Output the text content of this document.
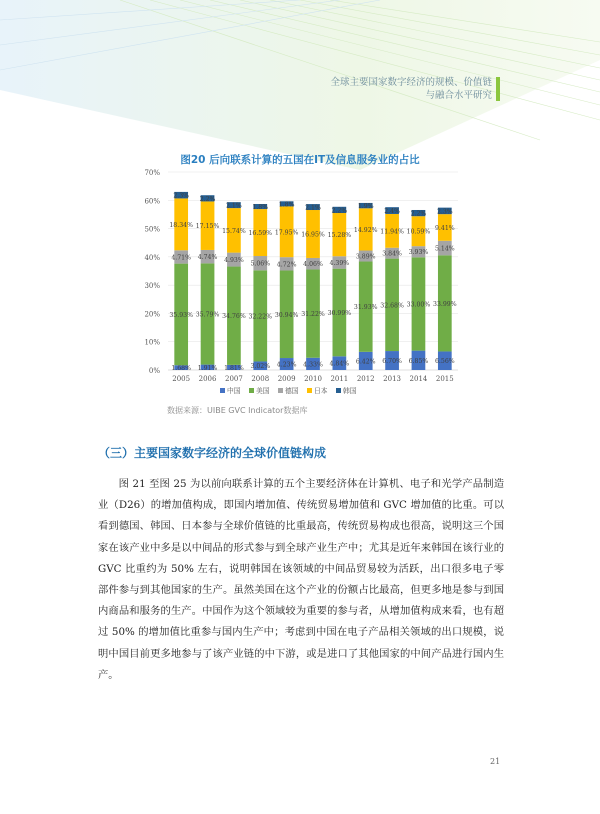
全球主要国家数字经济的规模、价值链
与融合水平研究
图20 后向联系计算的五国在IT及信息服务业的占比
0%
10%
20%
30%
40%
50%
60%
70%
1.68%
35.93%
4.71%
18.34%
2.3%
2005
1.91%
35.79%
4.74%
17.15%
2.2%
2006
1.81%
34.76%
4.93%
15.74%
2.1%
2007
3.02%
32.22%
5.06%
16.59%
1.8%
2008
4.23%
30.94%
4.72%
17.95%
1.8%
2009
4.33%
31.22%
4.06%
16.95%
2.1%
2010
4.84%
30.99%
4.39%
15.28%
2.2%
2011
6.42%
31.93%
3.89%
14.92%
1.9%
2012
6.70%
32.68%
3.84%
11.94%
2.4%
2013
6.85%
33.00%
3.93%
10.59%
2.2%
2014
6.56%
33.99%
5.14%
9.41%
2.3%
2015
中国 美国 德国 日本 韩国
数据来源：UIBE GVC Indicator数据库
（三）主要国家数字经济的全球价值链构成

图 21 至图 25 为以前向联系计算的五个主要经济体在计算机、电子和光学产品制造业（D26）的增加值构成，即国内增加值、传统贸易增加值和 GVC 增加值的比重。可以看到德国、韩国、日本参与全球价值链的比重最高，传统贸易构成也很高，说明这三个国家在该产业中多是以中间品的形式参与到全球产业生产中；尤其是近年来韩国在该行业的 GVC 比重约为 50% 左右，说明韩国在该领域的中间品贸易较为活跃，出口很多电子零部件参与到其他国家的生产。虽然美国在这个产业的份额占比最高，但更多地是参与到国内商品和服务的生产。中国作为这个领域较为重要的参与者，从增加值构成来看，也有超过 50% 的增加值比重参与国内生产中；考虑到中国在电子产品相关领域的出口规模，说明中国目前更多地参与了该产业链的中下游，或是进口了其他国家的中间产品进行国内生产。

21
